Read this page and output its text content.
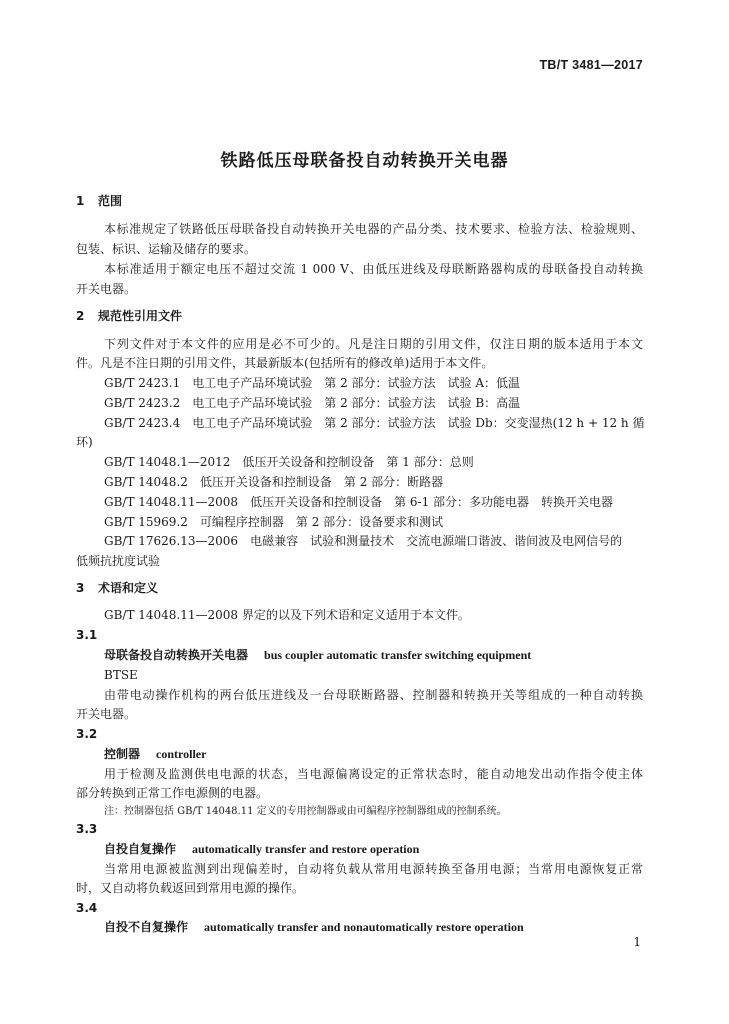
TB/T 3481—2017
铁路低压母联备投自动转换开关电器
1 范围
本标准规定了铁路低压母联备投自动转换开关电器的产品分类、技术要求、检验方法、检验规则、
包装、标识、运输及储存的要求。
本标准适用于额定电压不超过交流 1 000 V、由低压进线及母联断路器构成的母联备投自动转换
开关电器。
2 规范性引用文件
下列文件对于本文件的应用是必不可少的。凡是注日期的引用文件，仅注日期的版本适用于本文
件。凡是不注日期的引用文件，其最新版本(包括所有的修改单)适用于本文件。
GB/T 2423.1　电工电子产品环境试验　第 2 部分：试验方法　试验 A：低温
GB/T 2423.2　电工电子产品环境试验　第 2 部分：试验方法　试验 B：高温
GB/T 2423.4　电工电子产品环境试验　第 2 部分：试验方法　试验 Db：交变湿热(12 h + 12 h 循
环)
GB/T 14048.1—2012　低压开关设备和控制设备　第 1 部分：总则
GB/T 14048.2　低压开关设备和控制设备　第 2 部分：断路器
GB/T 14048.11—2008　低压开关设备和控制设备　第 6-1 部分：多功能电器　转换开关电器
GB/T 15969.2　可编程序控制器　第 2 部分：设备要求和测试
GB/T 17626.13—2006　电磁兼容　试验和测量技术　交流电源端口谐波、谐间波及电网信号的
低频抗扰度试验
3 术语和定义
GB/T 14048.11—2008 界定的以及下列术语和定义适用于本文件。
3.1
母联备投自动转换开关电器 bus coupler automatic transfer switching equipment
BTSE
由带电动操作机构的两台低压进线及一台母联断路器、控制器和转换开关等组成的一种自动转换
开关电器。
3.2
控制器 controller
用于检测及监测供电电源的状态，当电源偏离设定的正常状态时，能自动地发出动作指令使主体
部分转换到正常工作电源侧的电器。
注：控制器包括 GB/T 14048.11 定义的专用控制器或由可编程序控制器组成的控制系统。
3.3
自投自复操作 automatically transfer and restore operation
当常用电源被监测到出现偏差时，自动将负载从常用电源转换至备用电源；当常用电源恢复正常
时，又自动将负载返回到常用电源的操作。
3.4
自投不自复操作 automatically transfer and nonautomatically restore operation
1
